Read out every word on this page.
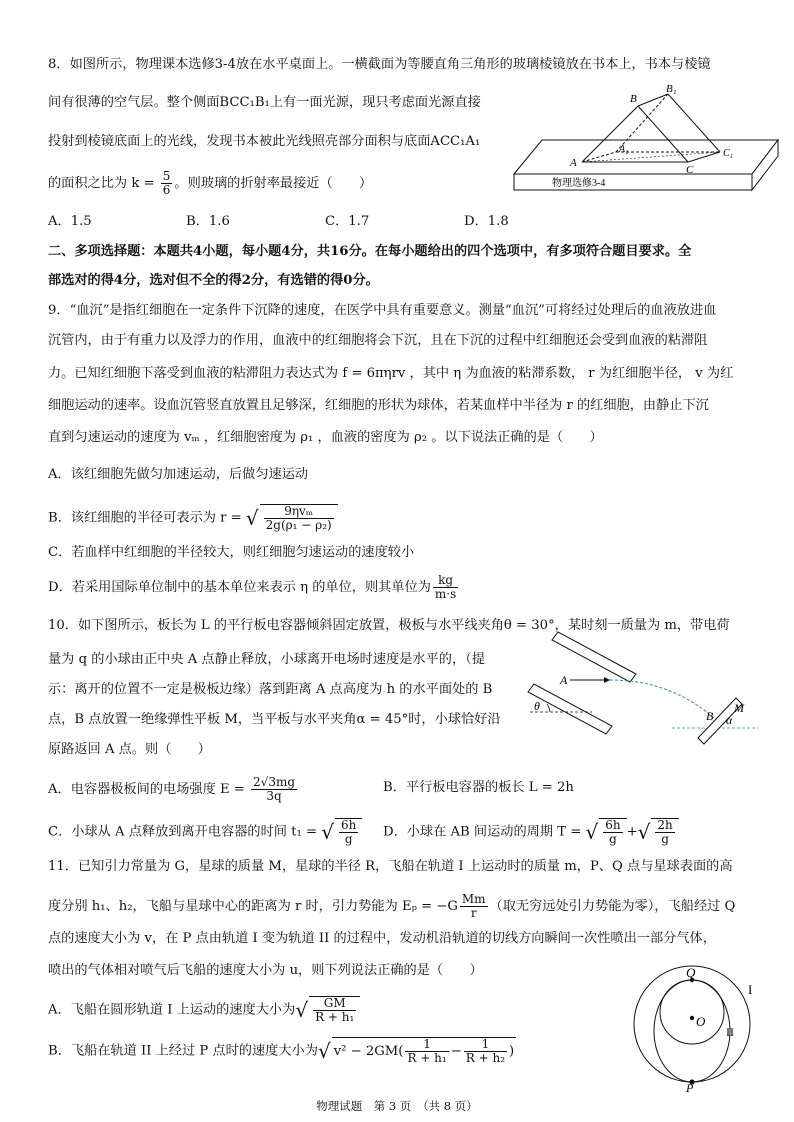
8．如图所示，物理课本选修3-4放在水平桌面上。一横截面为等腰直角三角形的玻璃棱镜放在书本上，书本与棱镜
间有很薄的空气层。整个侧面BCC₁B₁上有一面光源，现只考虑面光源直接
投射到棱镜底面上的光线，发现书本被此光线照亮部分面积与底面ACC₁A₁
的面积之比为 $k = \frac{5}{6}$ 。则玻璃的折射率最接近（　　）
B
B₁
A
A₁
C
C₁
物理选修3-4
A．1.5	B．1.6	C．1.7	D．1.8
二、多项选择题：本题共4小题，每小题4分，共16分。在每小题给出的四个选项中，有多项符合题目要求。全
部选对的得4分，选对但不全的得2分，有选错的得0分。
9．“血沉”是指红细胞在一定条件下沉降的速度，在医学中具有重要意义。测量“血沉”可将经过处理后的血液放进血
沉管内，由于有重力以及浮力的作用，血液中的红细胞将会下沉，且在下沉的过程中红细胞还会受到血液的粘滞阻
力。已知红细胞下落受到血液的粘滞阻力表达式为 f = 6πηrv ，其中 η 为血液的粘滞系数， r 为红细胞半径， v 为红
细胞运动的速率。设血沉管竖直放置且足够深，红细胞的形状为球体，若某血样中半径为 r 的红细胞，由静止下沉
直到匀速运动的速度为 vₘ ，红细胞密度为 ρ₁ ，血液的密度为 ρ₂ 。以下说法正确的是（　　）
A．该红细胞先做匀加速运动，后做匀速运动
B．该红细胞的半径可表示为 r = √ $\frac{\text{9ηvₘ}}{\text{2g(ρ₁ − ρ₂)}}$
C．若血样中红细胞的半径较大，则红细胞匀速运动的速度较小
D．若采用国际单位制中的基本单位来表示 η 的单位，则其单位为 $\frac{kg}{m\cdot s}$
10．如下图所示，板长为 L 的平行板电容器倾斜固定放置，极板与水平线夹角θ = 30°，某时刻一质量为 m，带电荷
量为 q 的小球由正中央 A 点静止释放，小球离开电场时速度是水平的，（提
示：离开的位置不一定是极板边缘）落到距离 A 点高度为 h 的水平面处的 B
点，B 点放置一绝缘弹性平板 M，当平板与水平夹角α = 45°时，小球恰好沿
原路返回 A 点。则（　　）
θ
A
B
M
α
A．电容器极板间的电场强度 $E = \frac{2√3mg}{3q}$	B．平行板电容器的板长 L = 2h
C．小球从 A 点释放到离开电容器的时间 t₁ = √ $\frac{6h}{g}$ D．小球在 AB 间运动的周期 T = √ $\frac{6h}{g}$ +√ $\frac{2h}{g}$
11．已知引力常量为 G，星球的质量 M，星球的半径 R，飞船在轨道 I 上运动时的质量 m，P、Q 点与星球表面的高
度分别 h₁、h₂，飞船与星球中心的距离为 r 时，引力势能为 $E_p = -G \frac{Mm}{r}$ （取无穷远处引力势能为零），飞船经过 Q
点的速度大小为 v，在 P 点由轨道 I 变为轨道 II 的过程中，发动机沿轨道的切线方向瞬间一次性喷出一部分气体，
喷出的气体相对喷气后飞船的速度大小为 u，则下列说法正确的是（　　）
A．飞船在圆形轨道 I 上运动的速度大小为√ $\frac{GM}{\text{R + h₁}}$
B．飞船在轨道 II 上经过 P 点时的速度大小为√ $v^2 - 2GM( \frac{1}{\text{R + h₁}} - \frac{1}{\text{R + h₂}}$ )
Q
O
P
I
II
物理试题　第 3 页　（共 8 页）
